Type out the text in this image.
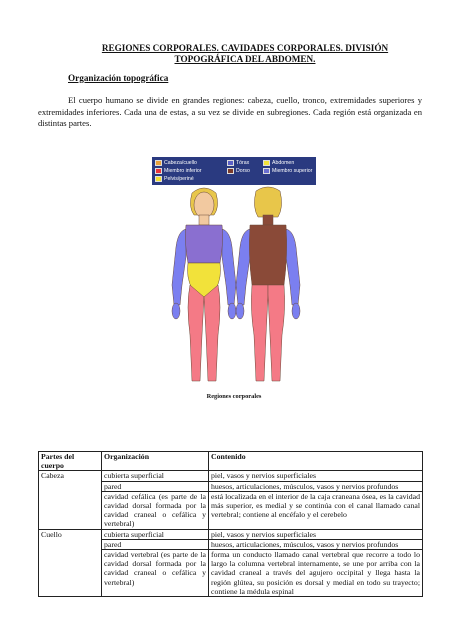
REGIONES CORPORALES. CAVIDADES CORPORALES. DIVISIÓN
TOPOGRÁFICA DEL ABDOMEN.
Organización topográfica

El cuerpo humano se divide en grandes regiones: cabeza, cuello, tronco, extremidades superiores y extremidades inferiores. Cada una de estas, a su vez se divide en subregiones. Cada región está organizada en distintas partes.

Cabeza/cuello	Tórax	Abdomen
Miembro inferior	Dorso	Miembro superior
Pelvis/periné
Regiones corporales
Partes del cuerpo	Organización	Contenido
Cabeza	cubierta superficial	piel, vasos y nervios superficiales
	pared	huesos, articulaciones, músculos, vasos y nervios profundos
	cavidad cefálica (es parte de la cavidad dorsal formada por la cavidad craneal o cefálica y vertebral)	está localizada en el interior de la caja craneana ósea, es la cavidad más superior, es medial y se continúa con el canal llamado canal vertebral; contiene al encéfalo y el cerebelo
Cuello	cubierta superficial	piel, vasos y nervios superficiales
	pared	huesos, articulaciones, músculos, vasos y nervios profundos
	cavidad vertebral (es parte de la cavidad dorsal formada por la cavidad craneal o cefálica y vertebral)	forma un conducto llamado canal vertebral que recorre a todo lo largo la columna vertebral internamente, se une por arriba con la cavidad craneal a través del agujero occipital y llega hasta la región glútea, su posición es dorsal y medial en todo su trayecto; contiene la médula espinal
